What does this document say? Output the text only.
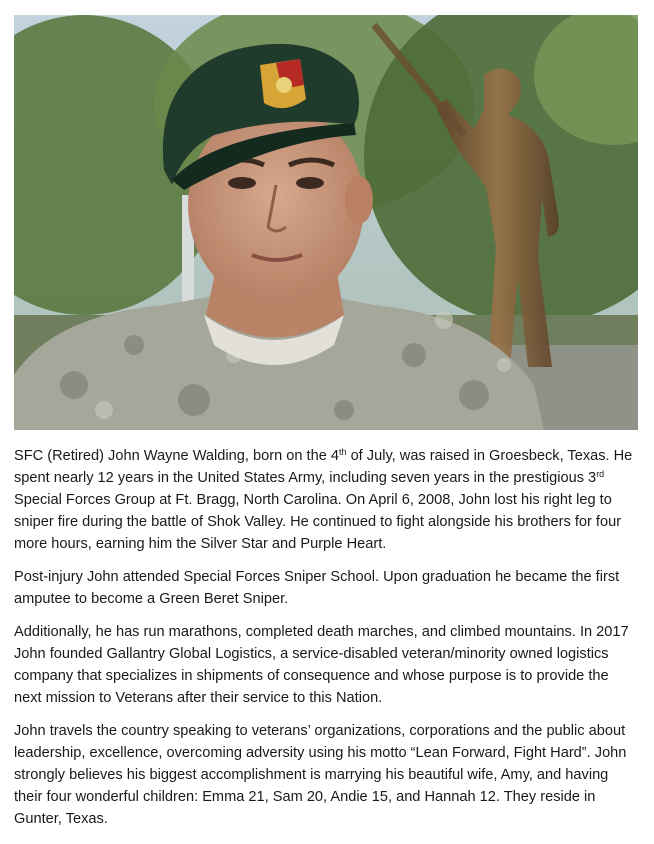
SFC (Retired) John Wayne Walding, born on the 4th of July, was raised in Groesbeck, Texas. He spent nearly 12 years in the United States Army, including seven years in the prestigious 3rd Special Forces Group at Ft. Bragg, North Carolina. On April 6, 2008, John lost his right leg to sniper fire during the battle of Shok Valley. He continued to fight alongside his brothers for four more hours, earning him the Silver Star and Purple Heart.

Post-injury John attended Special Forces Sniper School. Upon graduation he became the first amputee to become a Green Beret Sniper.

Additionally, he has run marathons, completed death marches, and climbed mountains. In 2017 John founded Gallantry Global Logistics, a service-disabled veteran/minority owned logistics company that specializes in shipments of consequence and whose purpose is to provide the next mission to Veterans after their service to this Nation.

John travels the country speaking to veterans’ organizations, corporations and the public about leadership, excellence, overcoming adversity using his motto “Lean Forward, Fight Hard”. John strongly believes his biggest accomplishment is marrying his beautiful wife, Amy, and having their four wonderful children: Emma 21, Sam 20, Andie 15, and Hannah 12. They reside in Gunter, Texas.
